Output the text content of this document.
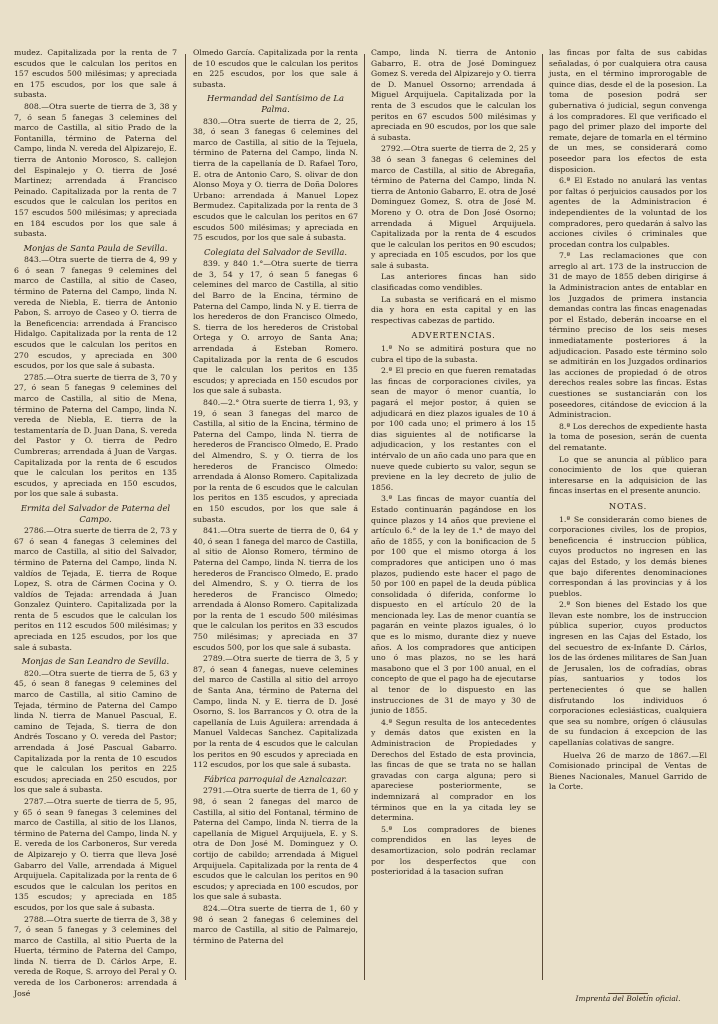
mudez. Capitalizada por la renta de 7 escudos que le calculan los peritos en 157 escudos 500 milésimas; y apreciada en 175 escudos, por los que sale á subasta.

808.—Otra suerte de tierra de 3, 38 y 7, ó sean 5 fanegas 3 celemines del marco de Castilla, al sitio Prado de la Fontanilla, término de Paterna del Campo, linda N. vereda del Alpizarejo, E. tierra de Antonio Morosco, S. callejon del Espinalejo y O. tierra de José Martinez; arrendada á Francisco Peinado. Capitalizada por la renta de 7 escudos que le calculan los peritos en 157 escudos 500 milésimas; y apreciada en 184 escudos por los que sale á subasta.

Monjas de Santa Paula de Sevilla.

843.—Otra suerte de tierra de 4, 99 y 6 ó sean 7 fanegas 9 celemines del marco de Castilla, al sitio de Caseo, término de Paterna del Campo, linda N. vereda de Niebla, E. tierra de Antonio Pabon, S. arroyo de Caseo y O. tierra de la Beneficencia: arrendada á Francisco Hidalgo. Capitalizada por la renta de 12 escudos que le calculan los peritos en 270 escudos, y apreciada en 300 escudos, por los que sale á subasta.

2785.—Otra suerte de tierra de 3, 70 y 27, ó sean 5 fanegas 9 celemines del marco de Castilla, al sitio de Mena, término de Paterna del Campo, linda N. vereda de Niebla, E. tierra de la testamentaría de D. Juan Dana, S. vereda del Pastor y O. tierra de Pedro Cumbreras; arrendada á Juan de Vargas. Capitalizada por la renta de 6 escudos que le calculan los peritos en 135 escudos, y apreciada en 150 escudos, por los que sale á subasta.

Ermita del Salvador de Paterna del Campo.

2786.—Otra suerte de tierra de 2, 73 y 67 ó sean 4 fanegas 3 celemines del marco de Castilla, al sitio del Salvador, término de Paterna del Campo, linda N. valdíos de Tejada, E. tierra de Roque Lopez, S. otra de Cármen Cocina y O. valdíos de Tejada: arrendada á Juan Gonzalez Quintero. Capitalizada por la renta de 5 escudos que le calculan los peritos en 112 escudos 500 milésimas; y apreciada en 125 escudos, por los que sale á subasta.

Monjas de San Leandro de Sevilla.

820.—Otra suerte de tierra de 5, 63 y 45, ó sean 8 fanegas 9 celemines del marco de Castilla, al sitio Camino de Tejada, término de Paterna del Campo linda N. tierra de Manuel Pascual, E. camino de Tejada, S. tierra de don Andrés Toscano y O. vereda del Pastor; arrendada á José Pascual Gabarro. Capitalizada por la renta de 10 escudos que le calculan los peritos en 225 escudos; apreciada en 250 escudos, por los que sale á subasta.

2787.—Otra suerte de tierra de 5, 95, y 65 ó sean 9 fanegas 3 celemines del marco de Castilla, al sitio de los Llanos, término de Paterna del Campo, linda N. y E. vereda de los Carboneros, Sur vereda de Alpizarejo y O. tierra que lleva José Gabarro del Valle, arrendada á Miguel Arquijuela. Capitalizada por la renta de 6 escudos que le calculan los peritos en 135 escudos; y apreciada en 185 escudos, por los que sale á subasta.

2788.—Otra suerte de tierra de 3, 38 y 7, ó sean 5 fanegas y 3 celemines del marco de Castilla, al sitio Puerta de la Huerta, término de Paterna del Campo, linda N. tierra de D. Cárlos Arpe, E. vereda de Roque, S. arroyo del Peral y O. vereda de los Carboneros: arrendada á José

Olmedo García. Capitalizada por la renta de 10 escudos que le calculan los peritos en 225 escudos, por los que sale á subasta.

Hermandad del Santísimo de La Palma.

830.—Otra suerte de tierra de 2, 25, 38, ó sean 3 fanegas 6 celemines del marco de Castilla, al sitio de la Tejuela, término de Paterna del Campo, linda N. tierra de la capellanía de D. Rafael Toro, E. otra de Antonio Caro, S. olivar de don Alonso Moya y O. tierra de Doña Dolores Urbano: arrendada á Manuel Lopez Bermudez. Capitalizada por la renta de 3 escudos que le calculan los peritos en 67 escudos 500 milésimas; y apreciada en 75 escudos, por los que sale á subasta.

Colegiata del Salvador de Sevilla.

839. y 840 1.°—Otra suerte de tierra de 3, 54 y 17, ó sean 5 fanegas 6 celemines del marco de Castilla, al sitio del Barro de la Encina, término de Paterna del Campo, linda N. y E. tierra de los herederos de don Francisco Olmedo, S. tierra de los herederos de Cristobal Ortega y O. arroyo de Santa Ana; arrendada á Esteban Romero. Capitalizada por la renta de 6 escudos que le calculan los peritos en 135 escudos; y apreciada en 150 escudos por los que sale á subasta.

840.—2.° Otra suerte de tierra 1, 93, y 19, ó sean 3 fanegas del marco de Castilla, al sitio de la Encina, término de Paterna del Campo, linda N. tierra de herederos de Francisco Olmedo, E. Prado del Almendro, S. y O. tierra de los herederos de Francisco Olmedo: arrendada á Alonso Romero. Capitalizada por la renta de 6 escudos que le calculan los peritos en 135 escudos, y apreciada en 150 escudos, por los que sale á subasta.

841.—Otra suerte de tierra de 0, 64 y 40, ó sean 1 fanega del marco de Castilla, al sitio de Alonso Romero, término de Paterna del Campo, linda N. tierra de los herederos de Francisco Olmedo, E. prado del Almendro, S. y O. tierra de los herederos de Francisco Olmedo; arrendada á Alonso Romero. Capitalizada por la renta de 1 escudo 500 milésimas que le calculan los peritos en 33 escudos 750 milésimas; y apreciada en 37 escudos 500, por los que sale á subasta.

2789.—Otra suerte de tierra de 3, 5 y 87, ó sean 4 fanegas, nueve celemines del marco de Castilla al sitio del arroyo de Santa Ana, término de Paterna del Campo, linda N. y E. tierra de D. José Osorno, S. los Barrancos y O. otra de la capellanía de Luis Aguilera: arrendada á Manuel Valdecas Sanchez. Capitalizada por la renta de 4 escudos que le calculan los peritos en 90 escudos y apreciada en 112 escudos, por los que sale á subasta.

Fábrica parroquial de Aznalcazar.

2791.—Otra suerte de tierra de 1, 60 y 98, ó sean 2 fanegas del marco de Castilla, al sitio del Fontanal, término de Paterna del Campo, linda N. tierra de la capellanía de Miguel Arquijuela, E. y S. otra de Don José M. Dominguez y O. cortijo de cabildo; arrendada á Miguel Arquijuela. Capitalizada por la renta de 4 escudos que le calculan los peritos en 90 escudos; y apreciada en 100 escudos, por los que sale á subasta.

824.—Otra suerte de tierra de 1, 60 y 98 ó sean 2 fanegas 6 celemines del marco de Castilla, al sitio de Palmarejo, término de Paterna del

Campo, linda N. tierra de Antonio Gabarro, E. otra de José Dominguez Gomez S. vereda del Alpizarejo y O. tierra de D. Manuel Ossorno; arrendada á Miguel Arquijuela. Capitalizada por la renta de 3 escudos que le calculan los peritos en 67 escudos 500 milésimas y apreciada en 90 escudos, por los que sale á subasta.

2792.—Otra suerte de tierra de 2, 25 y 38 ó sean 3 fanegas 6 celemines del marco de Castilla, al sitio de Abregaña, término de Paterna del Campo, linda N. tierra de Antonio Gabarro, E. otra de José Dominguez Gomez, S. otra de José M. Moreno y O. otra de Don José Osorno; arrendada á Miguel Arquijuela. Capitalizada por la renta de 4 escudos que le calculan los peritos en 90 escudos; y apreciada en 105 escudos, por los que sale á subasta.

Las anteriores fincas han sido clasificadas como vendibles.

La subasta se verificará en el mismo dia y hora en esta capital y en las respectivas cabezas de partido.

ADVERTENCIAS.

1.ª No se admitirá postura que no cubra el tipo de la subasta.

2.ª El precio en que fueren rematadas las fincas de corporaciones civiles, ya sean de mayor ó menor cuantía, lo pagará el mejor postor, á quien se adjudicará en diez plazos iguales de 10 á por 100 cada uno; el primero á los 15 dias siguientes al de notificarse la adjudicacion, y los restantes con el intérvalo de un año cada uno para que en nueve quede cubierto su valor, segun se previene en la ley decreto de julio de 1856.

3.ª Las fincas de mayor cuantía del Estado continuarán pagándose en los quince plazos y 14 años que previene el artículo 6.° de la ley de 1.° de mayo del año de 1855, y con la bonificacion de 5 por 100 que el mismo otorga á los compradores que anticipen uno ó mas plazos, pudiendo este hacer el pago de 50 por 100 en papel de la deuda pública consolidada ó diferida, conforme lo dispuesto en el artículo 20 de la mencionada ley. Las de menor cuantía se pagarán en veinte plazos iguales, ó lo que es lo mismo, durante diez y nueve años. A los compradores que anticipen uno ó mas plazos, no se les hará masabono que el 3 por 100 anual, en el concepto de que el pago ha de ejecutarse al tenor de lo dispuesto en las instrucciones de 31 de mayo y 30 de junio de 1855.

4.ª Segun resulta de los antecedentes y demás datos que existen en la Administracion de Propiedades y Derechos del Estado de esta provincia, las fincas de que se trata no se hallan gravadas con carga alguna; pero si apareciese posteriormente, se indemnizará al comprador en los términos que en la ya citada ley se determina.

5.ª Los compradores de bienes comprendidos en las leyes de desamortizacion, solo podrán reclamar por los desperfectos que con posterioridad á la tasacion sufran

las fincas por falta de sus cabidas señaladas, ó por cualquiera otra causa justa, en el término improrogable de quince dias, desde el de la posesion. La toma de posesion podrá ser gubernativa ó judicial, segun convenga á los compradores. El que verificado el pago del primer plazo del importe del remate, dejare de tomarla en el término de un mes, se considerará como poseedor para los efectos de esta disposicion.

6.ª El Estado no anulará las ventas por faltas ó perjuicios causados por los agentes de la Administracion é independientes de la voluntad de los compradores, pero quedarán á salvo las acciones civiles ó criminales que procedan contra los culpables.

7.ª Las reclamaciones que con arreglo al art. 173 de la instruccion de 31 de mayo de 1855 deben dirigirse á la Administracion antes de entablar en los Juzgados de primera instancia demandas contra las fincas enagenadas por el Estado, deberán incoarse en el término preciso de los seis meses inmediatamente posteriores á la adjudicacion. Pasado este término solo se admitirán en los Juzgados ordinarios las acciones de propiedad ó de otros derechos reales sobre las fincas. Estas cuestiones se sustanciarán con los poseedores, citándose de eviccion á la Administracion.

8.ª Los derechos de expediente hasta la toma de posesion, serán de cuenta del rematante.

Lo que se anuncia al público para conocimiento de los que quieran interesarse en la adquisicion de las fincas insertas en el presente anuncio.

NOTAS.

1.ª Se considerarán como bienes de corporaciones civiles, los de propios, beneficencia é instruccion pública, cuyos productos no ingresen en las cajas del Estado, y los demás bienes que bajo diferentes denominaciones correspondan á las provincias y á los pueblos.

2.ª Son bienes del Estado los que llevan este nombre, los de instruccion pública superior, cuyos productos ingresen en las Cajas del Estado, los del secuestro de ex-Infante D. Cárlos, los de las órdenes militares de San Juan de Jerusalen, los de cofradías, obras pías, santuarios y todos los pertenecientes ó que se hallen disfrutando los individuos ó corporaciones eclesiásticas, cualquiera que sea su nombre, orígen ó cláusulas de su fundacion á excepcion de las capellanías colativas de sangre.

Huelva 26 de marzo de 1867.—El Comisionado principal de Ventas de Bienes Nacionales, Manuel Garrido de la Corte.

Imprenta del Boletín oficial.
